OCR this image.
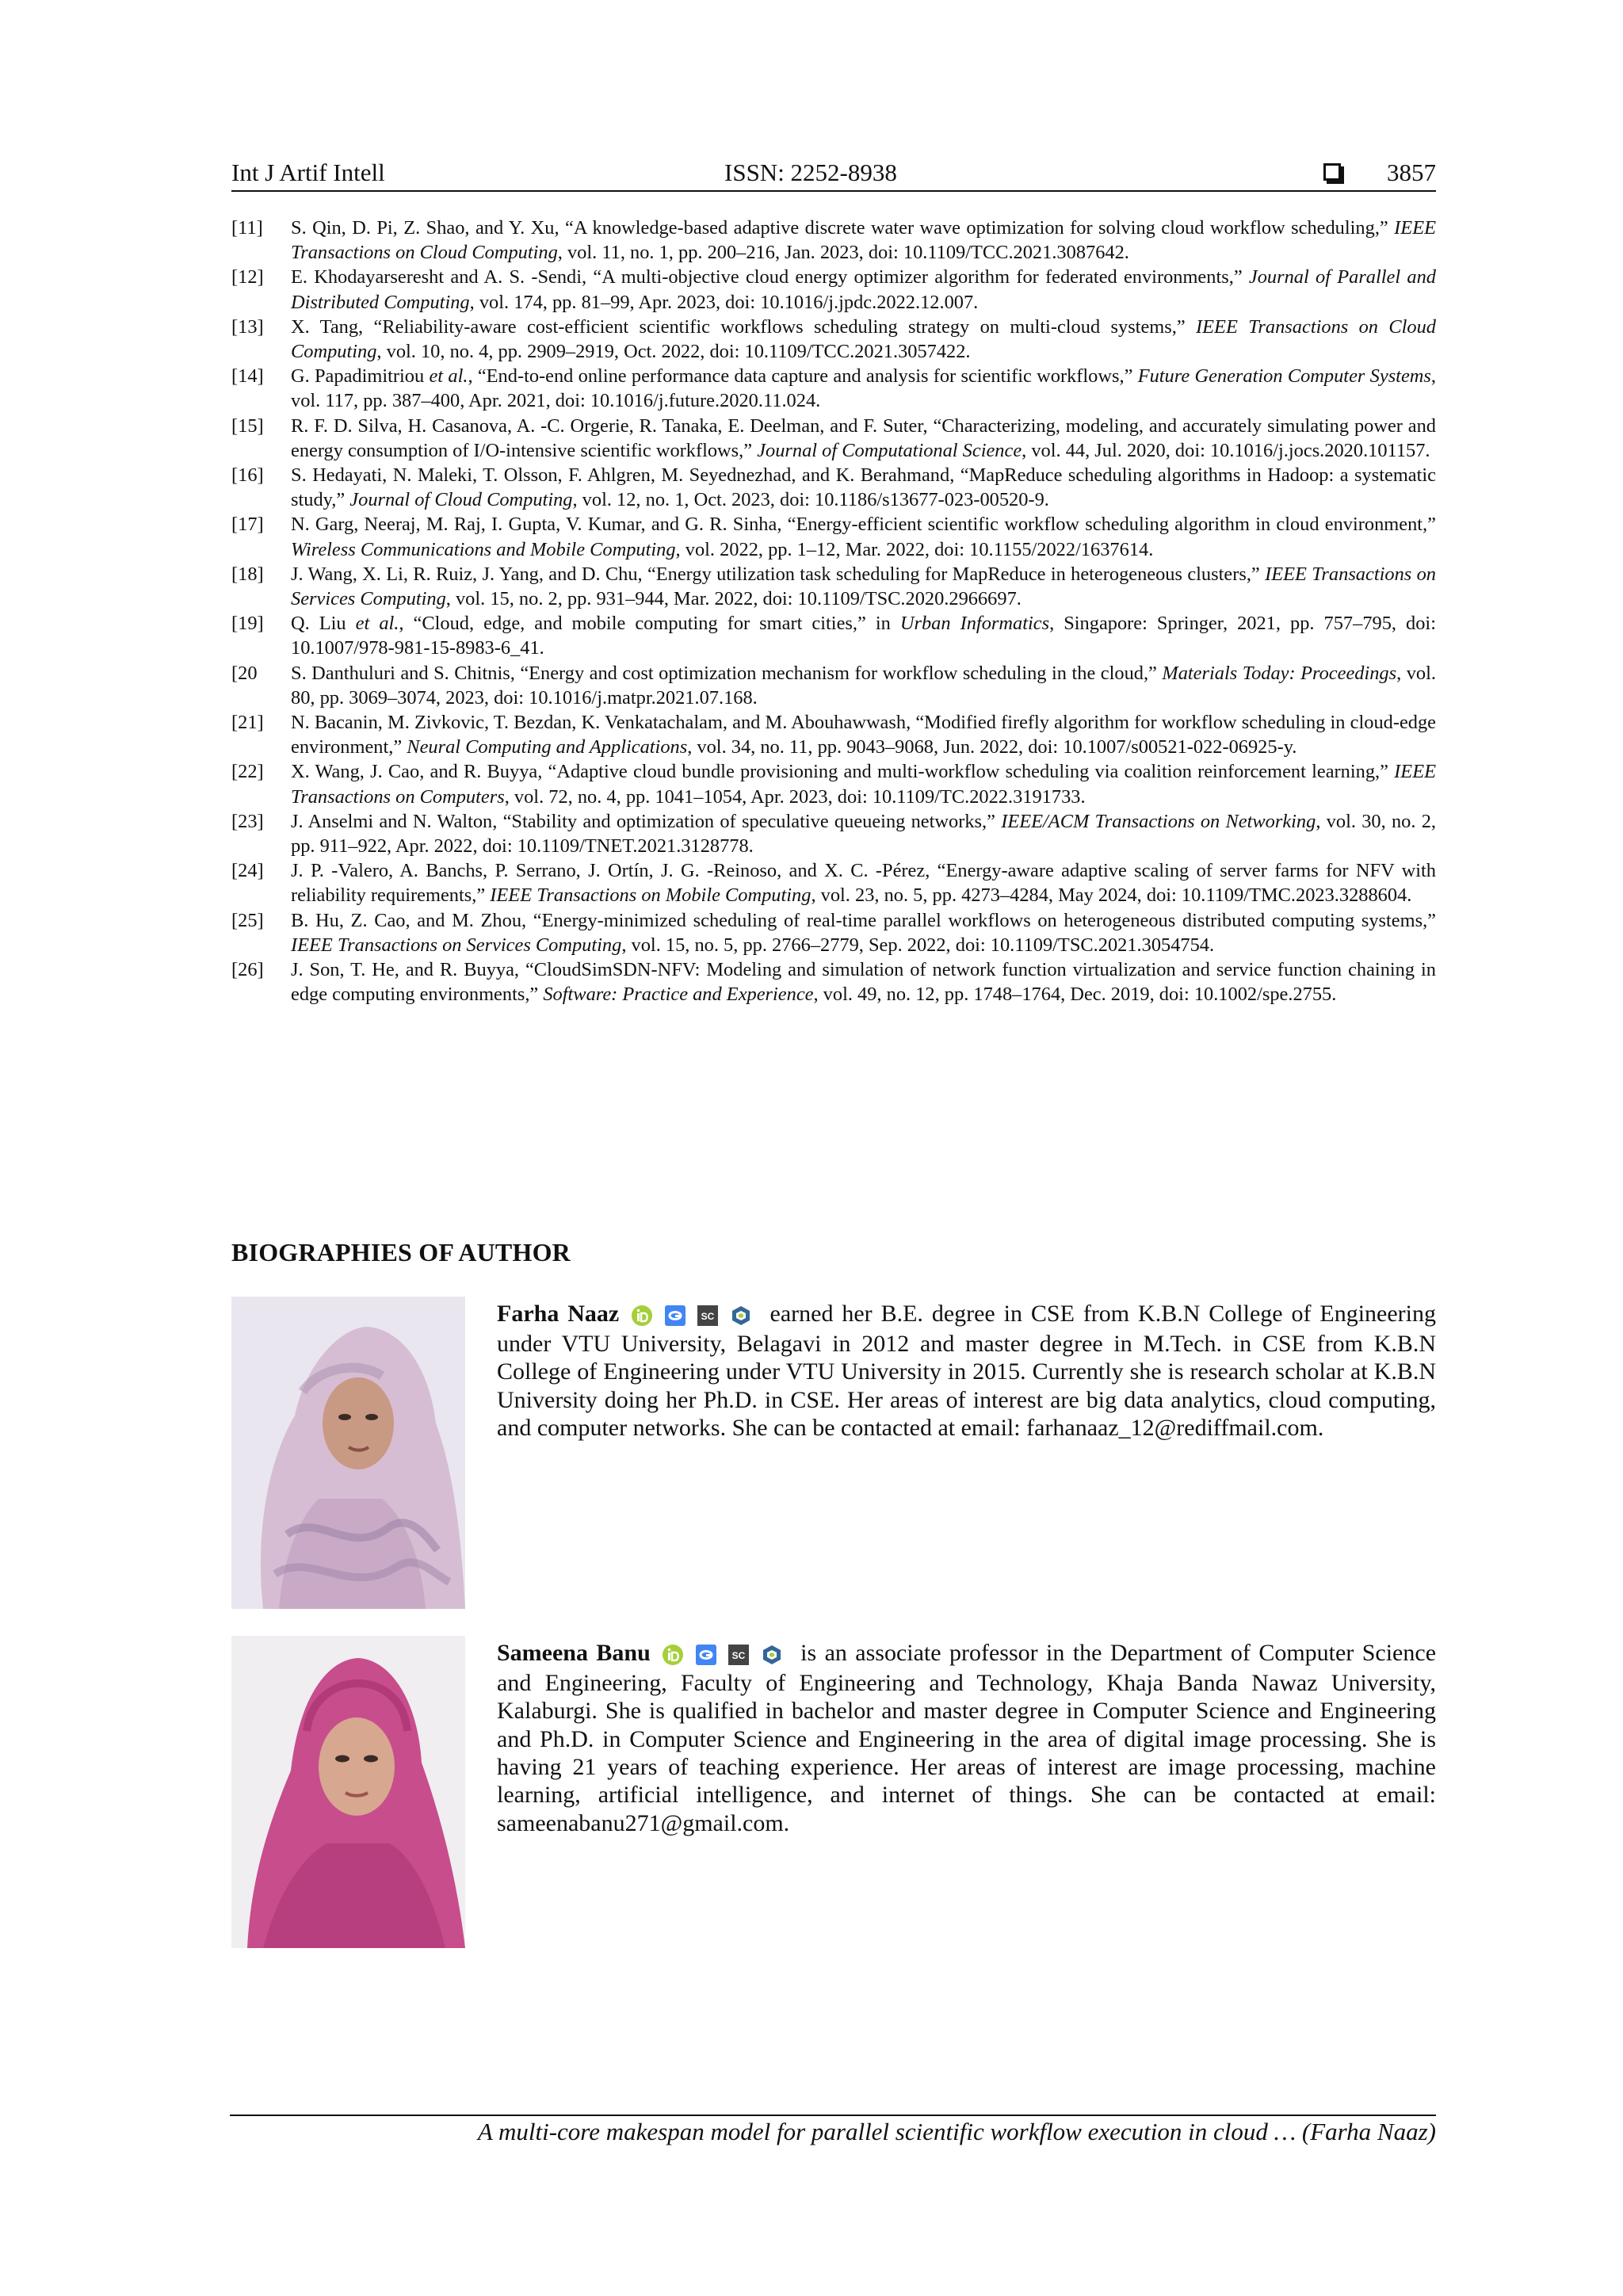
Int J Artif Intell	ISSN: 2252-8938	3857

[11] S. Qin, D. Pi, Z. Shao, and Y. Xu, “A knowledge-based adaptive discrete water wave optimization for solving cloud workflow scheduling,” IEEE Transactions on Cloud Computing, vol. 11, no. 1, pp. 200–216, Jan. 2023, doi: 10.1109/TCC.2021.3087642.

[12] E. Khodayarseresht and A. S. -Sendi, “A multi-objective cloud energy optimizer algorithm for federated environments,” Journal of Parallel and Distributed Computing, vol. 174, pp. 81–99, Apr. 2023, doi: 10.1016/j.jpdc.2022.12.007.

[13] X. Tang, “Reliability-aware cost-efficient scientific workflows scheduling strategy on multi-cloud systems,” IEEE Transactions on Cloud Computing, vol. 10, no. 4, pp. 2909–2919, Oct. 2022, doi: 10.1109/TCC.2021.3057422.

[14] G. Papadimitriou et al., “End-to-end online performance data capture and analysis for scientific workflows,” Future Generation Computer Systems, vol. 117, pp. 387–400, Apr. 2021, doi: 10.1016/j.future.2020.11.024.

[15] R. F. D. Silva, H. Casanova, A. -C. Orgerie, R. Tanaka, E. Deelman, and F. Suter, “Characterizing, modeling, and accurately simulating power and energy consumption of I/O-intensive scientific workflows,” Journal of Computational Science, vol. 44, Jul. 2020, doi: 10.1016/j.jocs.2020.101157.

[16] S. Hedayati, N. Maleki, T. Olsson, F. Ahlgren, M. Seyednezhad, and K. Berahmand, “MapReduce scheduling algorithms in Hadoop: a systematic study,” Journal of Cloud Computing, vol. 12, no. 1, Oct. 2023, doi: 10.1186/s13677-023-00520-9.

[17] N. Garg, Neeraj, M. Raj, I. Gupta, V. Kumar, and G. R. Sinha, “Energy-efficient scientific workflow scheduling algorithm in cloud environment,” Wireless Communications and Mobile Computing, vol. 2022, pp. 1–12, Mar. 2022, doi: 10.1155/2022/1637614.

[18] J. Wang, X. Li, R. Ruiz, J. Yang, and D. Chu, “Energy utilization task scheduling for MapReduce in heterogeneous clusters,” IEEE Transactions on Services Computing, vol. 15, no. 2, pp. 931–944, Mar. 2022, doi: 10.1109/TSC.2020.2966697.

[19] Q. Liu et al., “Cloud, edge, and mobile computing for smart cities,” in Urban Informatics, Singapore: Springer, 2021, pp. 757–795, doi: 10.1007/978-981-15-8983-6_41.

[20 S. Danthuluri and S. Chitnis, “Energy and cost optimization mechanism for workflow scheduling in the cloud,” Materials Today: Proceedings, vol. 80, pp. 3069–3074, 2023, doi: 10.1016/j.matpr.2021.07.168.

[21] N. Bacanin, M. Zivkovic, T. Bezdan, K. Venkatachalam, and M. Abouhawwash, “Modified firefly algorithm for workflow scheduling in cloud-edge environment,” Neural Computing and Applications, vol. 34, no. 11, pp. 9043–9068, Jun. 2022, doi: 10.1007/s00521-022-06925-y.

[22] X. Wang, J. Cao, and R. Buyya, “Adaptive cloud bundle provisioning and multi-workflow scheduling via coalition reinforcement learning,” IEEE Transactions on Computers, vol. 72, no. 4, pp. 1041–1054, Apr. 2023, doi: 10.1109/TC.2022.3191733.

[23] J. Anselmi and N. Walton, “Stability and optimization of speculative queueing networks,” IEEE/ACM Transactions on Networking, vol. 30, no. 2, pp. 911–922, Apr. 2022, doi: 10.1109/TNET.2021.3128778.

[24] J. P. -Valero, A. Banchs, P. Serrano, J. Ortín, J. G. -Reinoso, and X. C. -Pérez, “Energy-aware adaptive scaling of server farms for NFV with reliability requirements,” IEEE Transactions on Mobile Computing, vol. 23, no. 5, pp. 4273–4284, May 2024, doi: 10.1109/TMC.2023.3288604.

[25] B. Hu, Z. Cao, and M. Zhou, “Energy-minimized scheduling of real-time parallel workflows on heterogeneous distributed computing systems,” IEEE Transactions on Services Computing, vol. 15, no. 5, pp. 2766–2779, Sep. 2022, doi: 10.1109/TSC.2021.3054754.

[26] J. Son, T. He, and R. Buyya, “CloudSimSDN-NFV: Modeling and simulation of network function virtualization and service function chaining in edge computing environments,” Software: Practice and Experience, vol. 49, no. 12, pp. 1748–1764, Dec. 2019, doi: 10.1002/spe.2755.

BIOGRAPHIES OF AUTHOR
Farha Naaz	SC earned her B.E. degree in CSE from K.B.N College of Engineering under VTU University, Belagavi in 2012 and master degree in M.Tech. in CSE from K.B.N College of Engineering under VTU University in 2015. Currently she is research scholar at K.B.N University doing her Ph.D. in CSE. Her areas of interest are big data analytics, cloud computing, and computer networks. She can be contacted at email: farhanaaz_12@rediffmail.com.
Sameena Banu	SC is an associate professor in the Department of Computer Science and Engineering, Faculty of Engineering and Technology, Khaja Banda Nawaz University, Kalaburgi. She is qualified in bachelor and master degree in Computer Science and Engineering and Ph.D. in Computer Science and Engineering in the area of digital image processing. She is having 21 years of teaching experience. Her areas of interest are image processing, machine learning, artificial intelligence, and internet of things. She can be contacted at email: sameenabanu271@gmail.com.
A multi-core makespan model for parallel scientific workflow execution in cloud … (Farha Naaz)
